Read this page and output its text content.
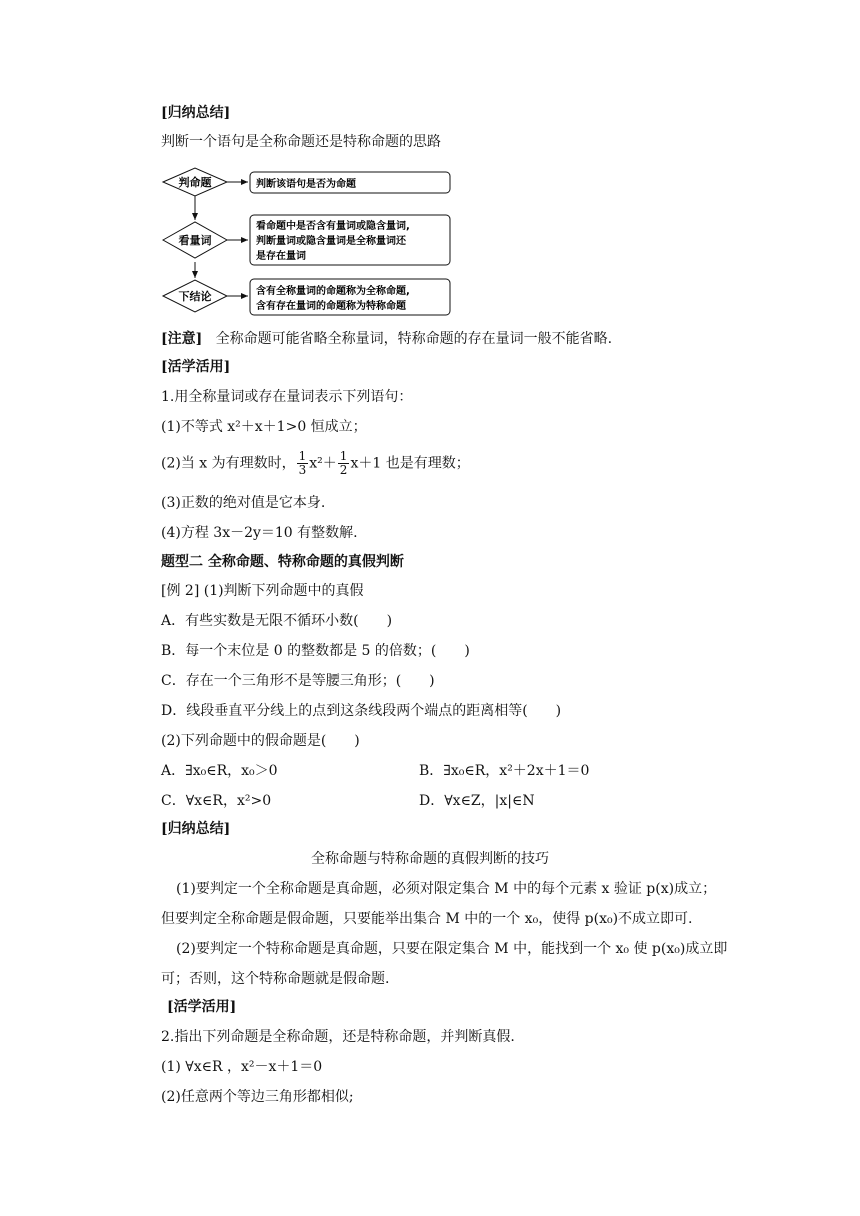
[归纳总结]
判断一个语句是全称命题还是特称命题的思路
判命题	判断该语句是否为命题
看量词
看命题中是否含有量词或隐含量词,
判断量词或隐含量词是全称量词还
是存在量词
下结论	含有全称量词的命题称为全称命题,
含有存在量词的命题称为特称命题
[注意] 全称命题可能省略全称量词，特称命题的存在量词一般不能省略.
[活学活用]
1.用全称量词或存在量词表示下列语句：
(1)不等式 x²＋x＋1>0 恒成立；
(2)当 x 为有理数时， $\frac{1}{3} x^2+ \frac{1}{2} x+1$ 也是有理数；
(3)正数的绝对值是它本身.
(4)方程 3x－2y＝10 有整数解.
题型二 全称命题、特称命题的真假判断
[例 2] (1)判断下列命题中的真假
A．有些实数是无限不循环小数(　　)
B．每一个末位是 0 的整数都是 5 的倍数；(　　)
C．存在一个三角形不是等腰三角形；(　　)
D．线段垂直平分线上的点到这条线段两个端点的距离相等(　　)
(2)下列命题中的假命题是(　　)
A．∃x₀∈R，x₀＞0	B．∃x₀∈R，x²＋2x＋1＝0
C．∀x∈R，x²>0	D．∀x∈Z，|x|∈N
[归纳总结]
全称命题与特称命题的真假判断的技巧
(1)要判定一个全称命题是真命题，必须对限定集合 M 中的每个元素 x 验证 p(x)成立；
但要判定全称命题是假命题，只要能举出集合 M 中的一个 x₀，使得 p(x₀)不成立即可.
(2)要判定一个特称命题是真命题，只要在限定集合 M 中，能找到一个 x₀ 使 p(x₀)成立即
可；否则，这个特称命题就是假命题.
[活学活用]
2.指出下列命题是全称命题，还是特称命题，并判断真假.
(1) ∀x∈R ，x²－x＋1＝0
(2)任意两个等边三角形都相似;
